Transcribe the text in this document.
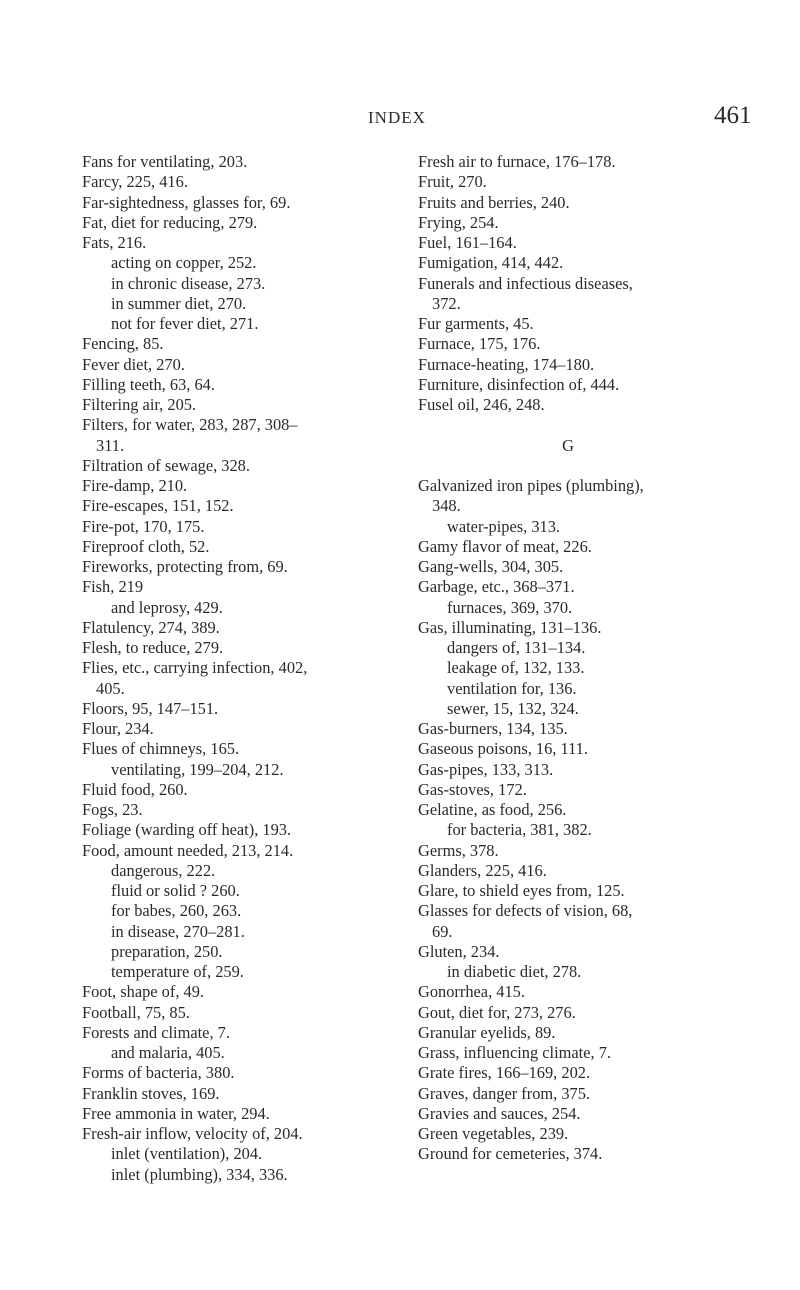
INDEX	461
Fans for ventilating, 203.
Farcy, 225, 416.
Far-sightedness, glasses for, 69.
Fat, diet for reducing, 279.
Fats, 216.
acting on copper, 252.
in chronic disease, 273.
in summer diet, 270.
not for fever diet, 271.
Fencing, 85.
Fever diet, 270.
Filling teeth, 63, 64.
Filtering air, 205.
Filters, for water, 283, 287, 308–
311.
Filtration of sewage, 328.
Fire-damp, 210.
Fire-escapes, 151, 152.
Fire-pot, 170, 175.
Fireproof cloth, 52.
Fireworks, protecting from, 69.
Fish, 219
and leprosy, 429.
Flatulency, 274, 389.
Flesh, to reduce, 279.
Flies, etc., carrying infection, 402,
405.
Floors, 95, 147–151.
Flour, 234.
Flues of chimneys, 165.
ventilating, 199–204, 212.
Fluid food, 260.
Fogs, 23.
Foliage (warding off heat), 193.
Food, amount needed, 213, 214.
dangerous, 222.
fluid or solid ? 260.
for babes, 260, 263.
in disease, 270–281.
preparation, 250.
temperature of, 259.
Foot, shape of, 49.
Football, 75, 85.
Forests and climate, 7.
and malaria, 405.
Forms of bacteria, 380.
Franklin stoves, 169.
Free ammonia in water, 294.
Fresh-air inflow, velocity of, 204.
inlet (ventilation), 204.
inlet (plumbing), 334, 336.
Fresh air to furnace, 176–178.
Fruit, 270.
Fruits and berries, 240.
Frying, 254.
Fuel, 161–164.
Fumigation, 414, 442.
Funerals and infectious diseases,
372.
Fur garments, 45.
Furnace, 175, 176.
Furnace-heating, 174–180.
Furniture, disinfection of, 444.
Fusel oil, 246, 248.
G
Galvanized iron pipes (plumbing),
348.
water-pipes, 313.
Gamy flavor of meat, 226.
Gang-wells, 304, 305.
Garbage, etc., 368–371.
furnaces, 369, 370.
Gas, illuminating, 131–136.
dangers of, 131–134.
leakage of, 132, 133.
ventilation for, 136.
sewer, 15, 132, 324.
Gas-burners, 134, 135.
Gaseous poisons, 16, 111.
Gas-pipes, 133, 313.
Gas-stoves, 172.
Gelatine, as food, 256.
for bacteria, 381, 382.
Germs, 378.
Glanders, 225, 416.
Glare, to shield eyes from, 125.
Glasses for defects of vision, 68,
69.
Gluten, 234.
in diabetic diet, 278.
Gonorrhea, 415.
Gout, diet for, 273, 276.
Granular eyelids, 89.
Grass, influencing climate, 7.
Grate fires, 166–169, 202.
Graves, danger from, 375.
Gravies and sauces, 254.
Green vegetables, 239.
Ground for cemeteries, 374.
